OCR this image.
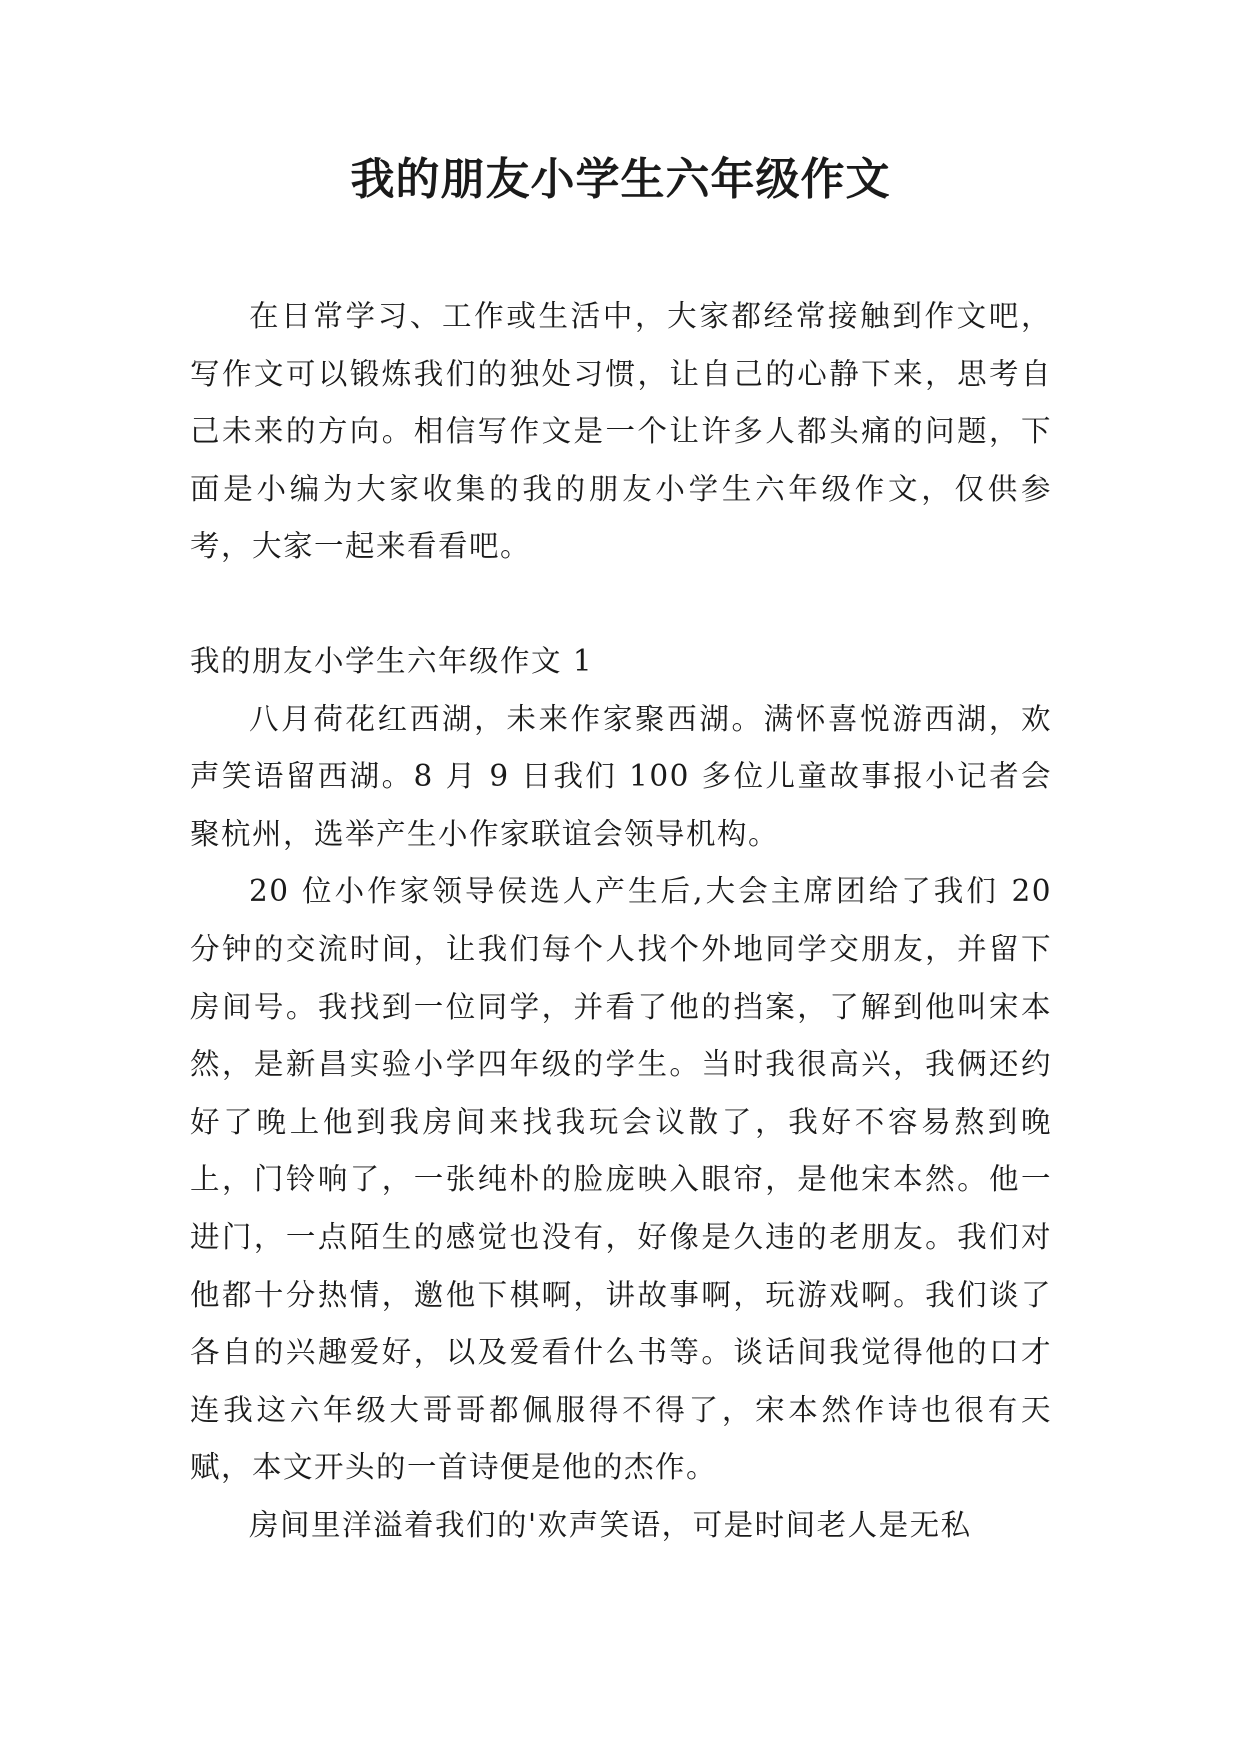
我的朋友小学生六年级作文

在日常学习、工作或生活中，大家都经常接触到作文吧，写作文可以锻炼我们的独处习惯，让自己的心静下来，思考自己未来的方向。相信写作文是一个让许多人都头痛的问题，下面是小编为大家收集的我的朋友小学生六年级作文，仅供参考，大家一起来看看吧。

我的朋友小学生六年级作文 1

八月荷花红西湖，未来作家聚西湖。满怀喜悦游西湖，欢声笑语留西湖。8 月 9 日我们 100 多位儿童故事报小记者会聚杭州，选举产生小作家联谊会领导机构。

20 位小作家领导侯选人产生后,大会主席团给了我们 20 分钟的交流时间，让我们每个人找个外地同学交朋友，并留下房间号。我找到一位同学，并看了他的挡案，了解到他叫宋本然，是新昌实验小学四年级的学生。当时我很高兴，我俩还约好了晚上他到我房间来找我玩会议散了，我好不容易熬到晚上，门铃响了，一张纯朴的脸庞映入眼帘，是他宋本然。他一进门，一点陌生的感觉也没有，好像是久违的老朋友。我们对他都十分热情，邀他下棋啊，讲故事啊，玩游戏啊。我们谈了各自的兴趣爱好，以及爱看什么书等。谈话间我觉得他的口才连我这六年级大哥哥都佩服得不得了，宋本然作诗也很有天赋，本文开头的一首诗便是他的杰作。

房间里洋溢着我们的'欢声笑语，可是时间老人是无私
